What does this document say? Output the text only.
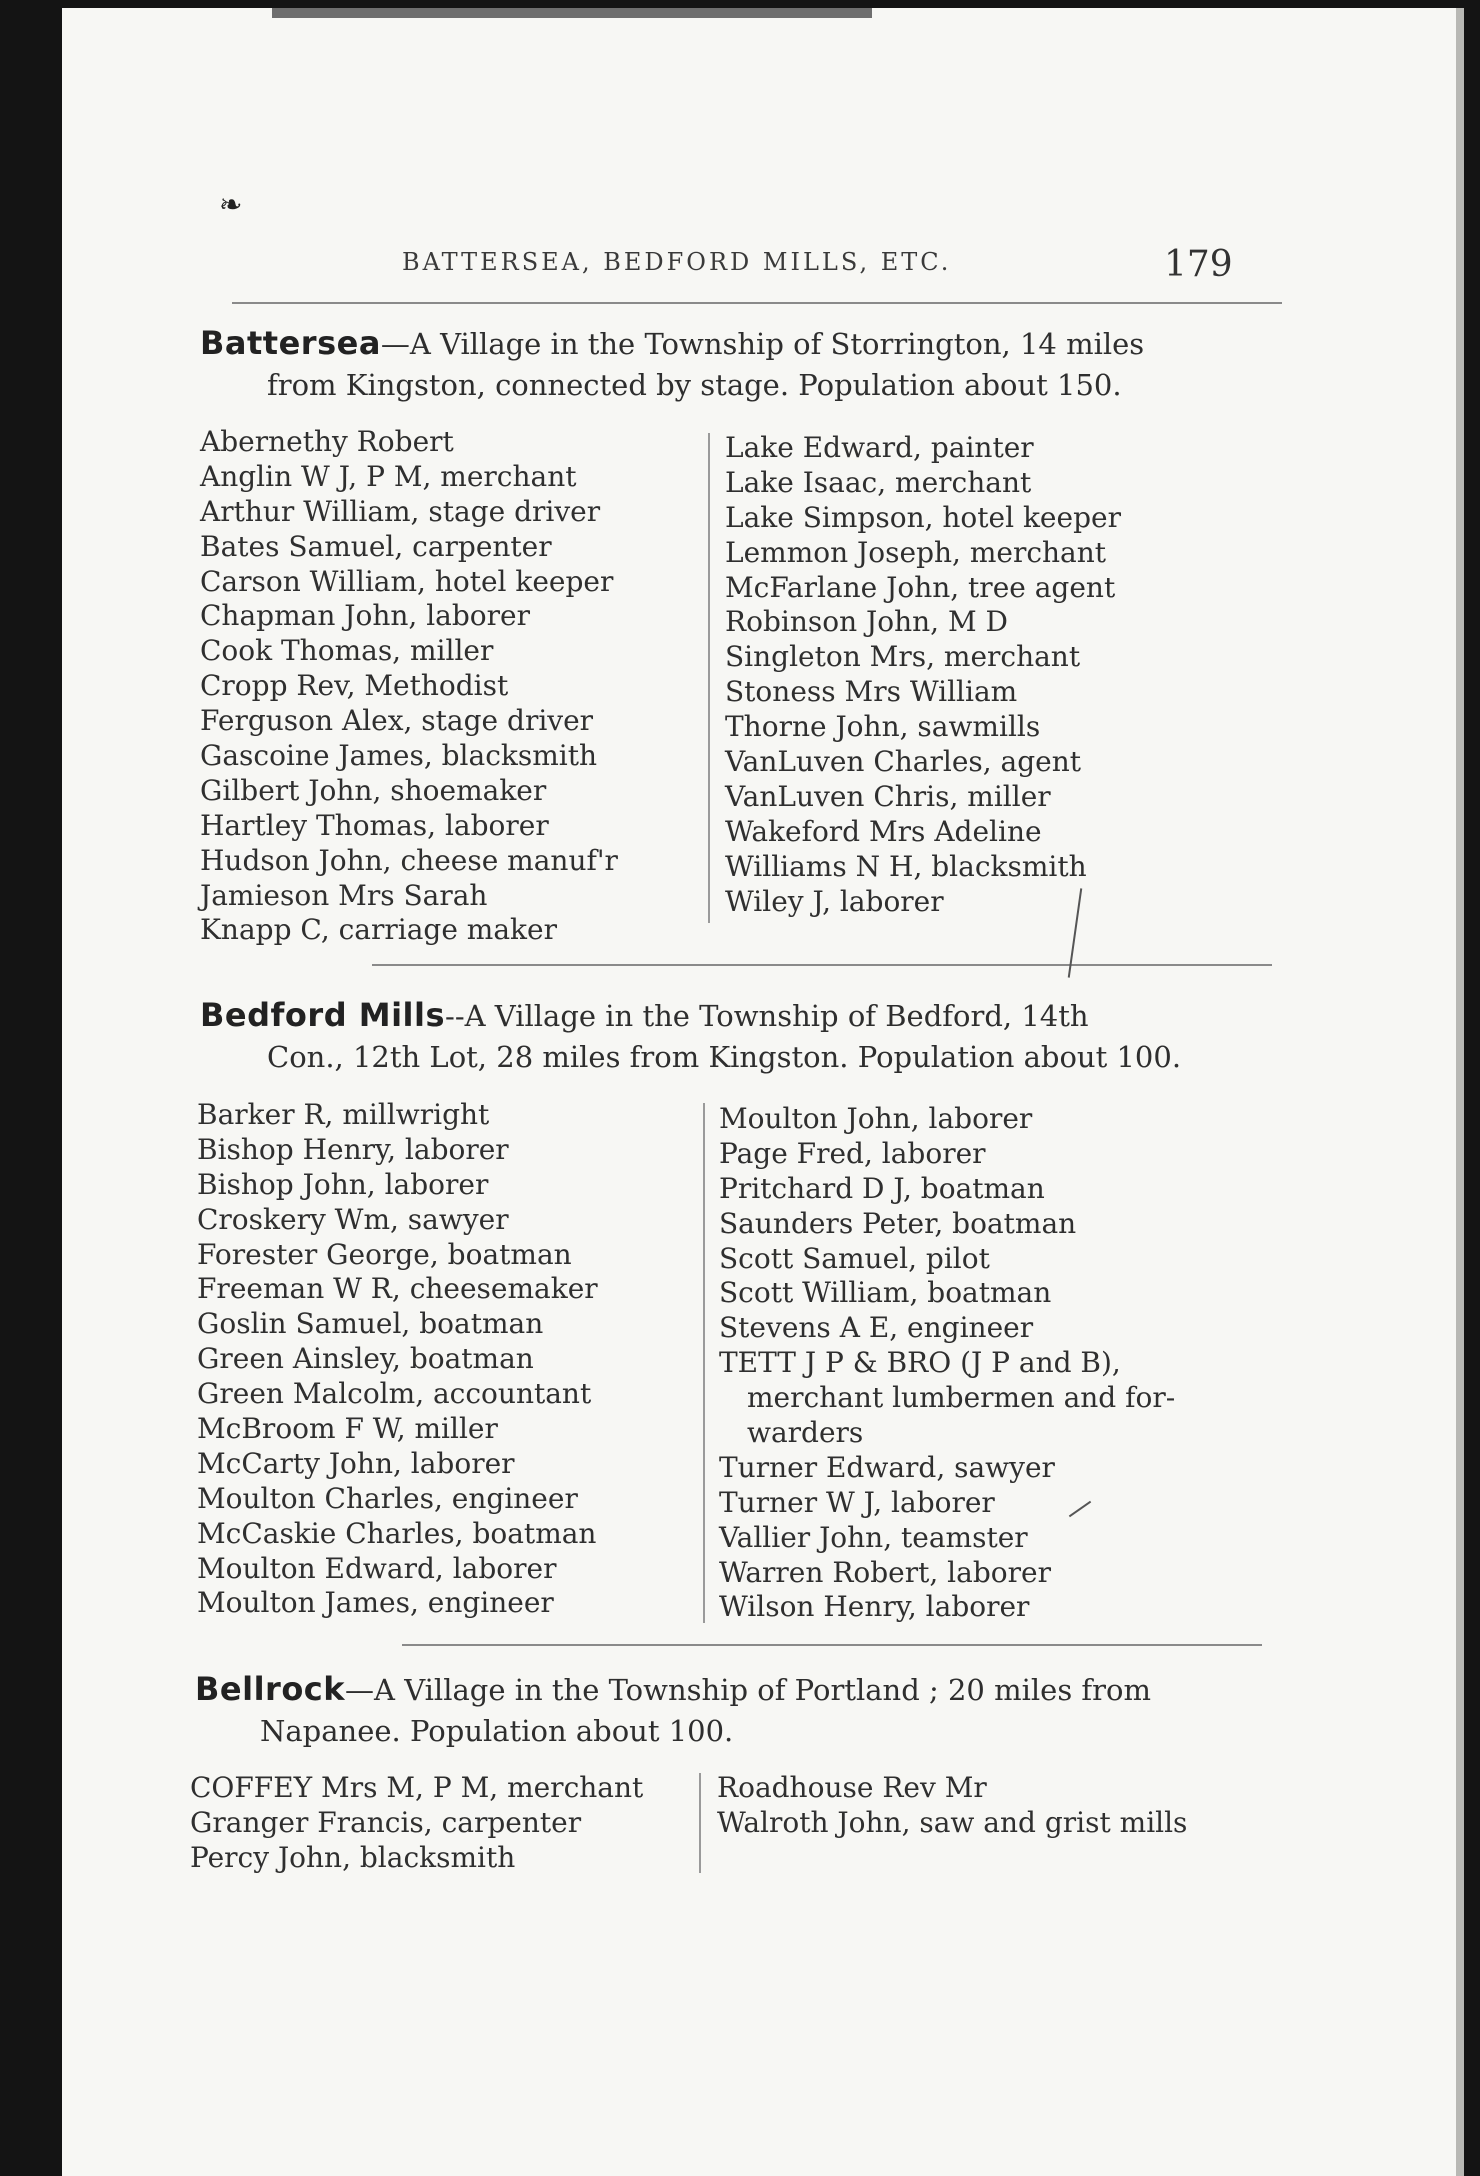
❧
BATTERSEA, BEDFORD MILLS, ETC.	179
Battersea—A Village in the Township of Storrington, 14 miles
from Kingston, connected by stage. Population about 150.
Abernethy Robert
Anglin W J, P M, merchant
Arthur William, stage driver
Bates Samuel, carpenter
Carson William, hotel keeper
Chapman John, laborer
Cook Thomas, miller
Cropp Rev, Methodist
Ferguson Alex, stage driver
Gascoine James, blacksmith
Gilbert John, shoemaker
Hartley Thomas, laborer
Hudson John, cheese manuf'r
Jamieson Mrs Sarah
Knapp C, carriage maker
Lake Edward, painter
Lake Isaac, merchant
Lake Simpson, hotel keeper
Lemmon Joseph, merchant
McFarlane John, tree agent
Robinson John, M D
Singleton Mrs, merchant
Stoness Mrs William
Thorne John, sawmills
VanLuven Charles, agent
VanLuven Chris, miller
Wakeford Mrs Adeline
Williams N H, blacksmith
Wiley J, laborer
Bedford Mills--A Village in the Township of Bedford, 14th
Con., 12th Lot, 28 miles from Kingston. Population about 100.
Barker R, millwright
Bishop Henry, laborer
Bishop John, laborer
Croskery Wm, sawyer
Forester George, boatman
Freeman W R, cheesemaker
Goslin Samuel, boatman
Green Ainsley, boatman
Green Malcolm, accountant
McBroom F W, miller
McCarty John, laborer
Moulton Charles, engineer
McCaskie Charles, boatman
Moulton Edward, laborer
Moulton James, engineer
Moulton John, laborer
Page Fred, laborer
Pritchard D J, boatman
Saunders Peter, boatman
Scott Samuel, pilot
Scott William, boatman
Stevens A E, engineer
TETT J P & BRO (J P and B),
merchant lumbermen and for-
warders
Turner Edward, sawyer
Turner W J, laborer
Vallier John, teamster
Warren Robert, laborer
Wilson Henry, laborer
Bellrock—A Village in the Township of Portland ; 20 miles from
Napanee. Population about 100.
COFFEY Mrs M, P M, merchant
Granger Francis, carpenter
Percy John, blacksmith
Roadhouse Rev Mr
Walroth John, saw and grist mills
